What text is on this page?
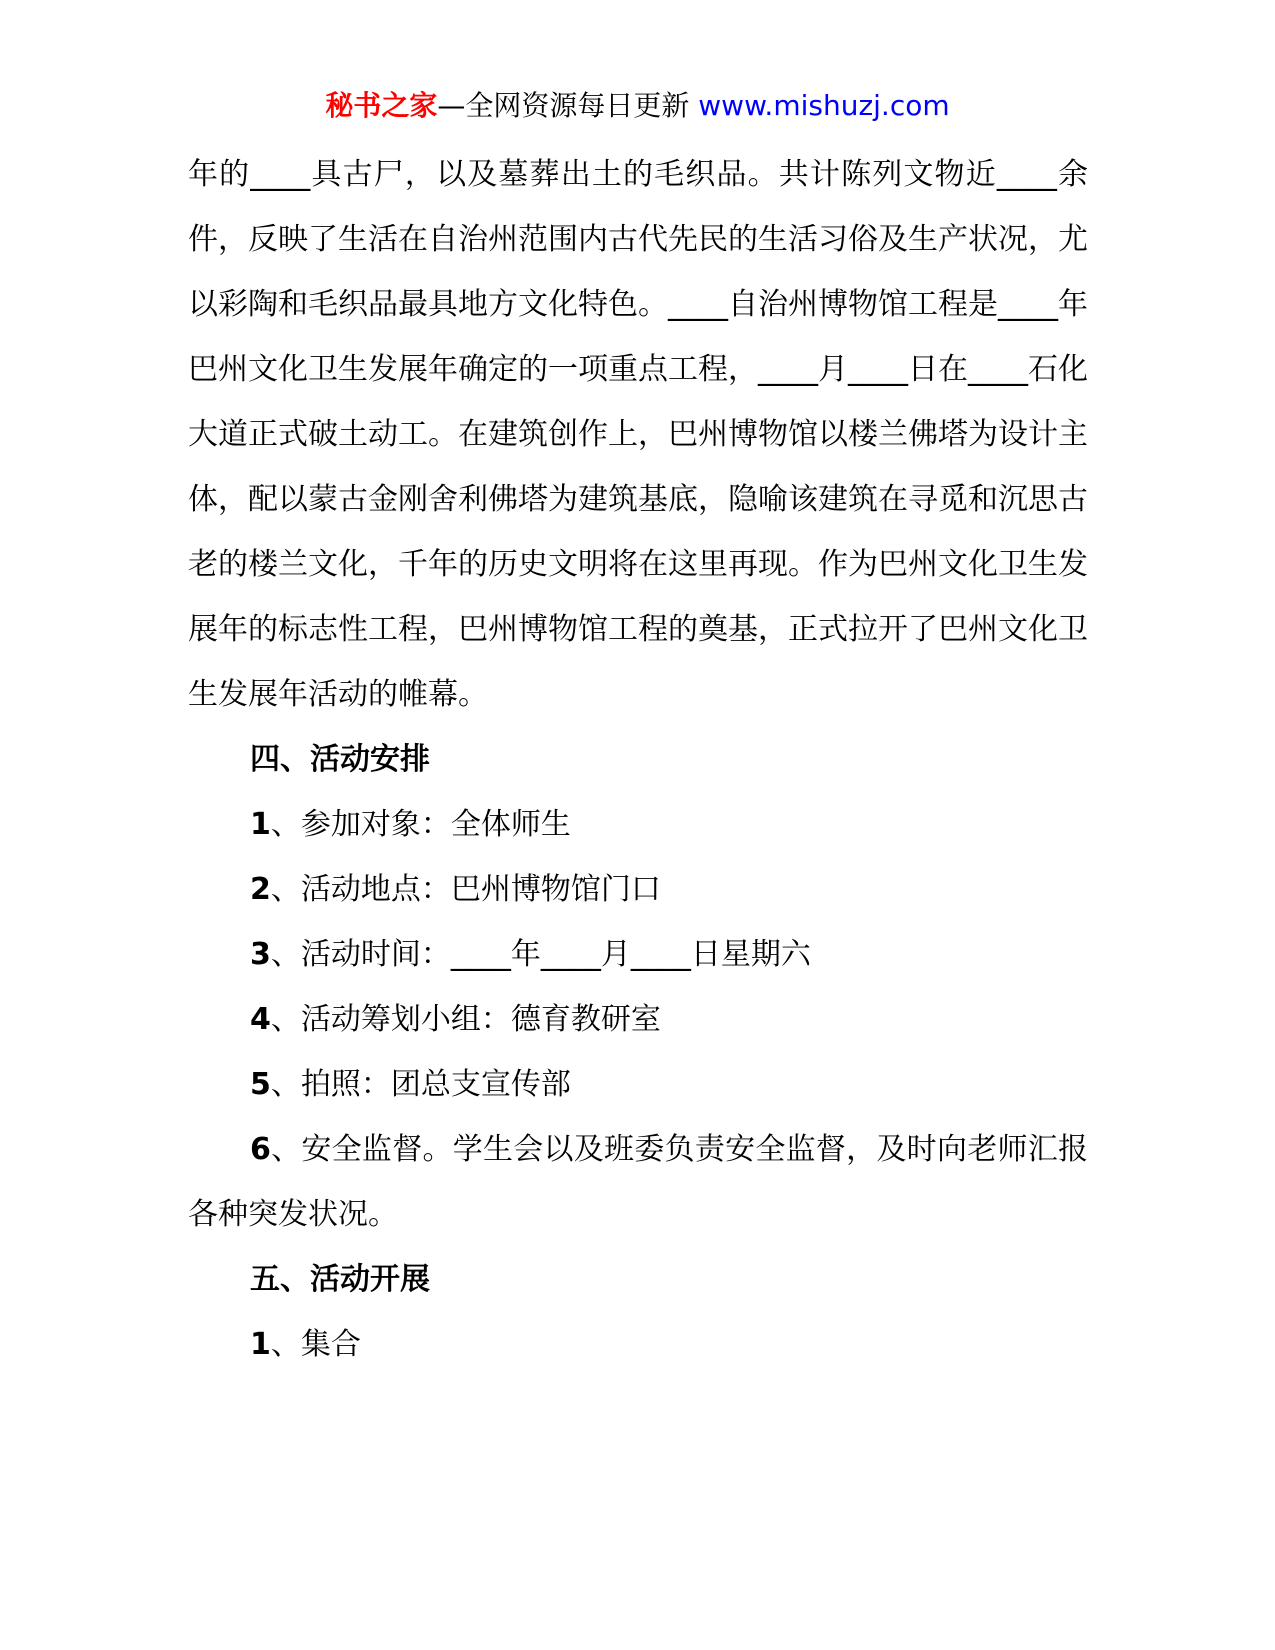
秘书之家—全网资源每日更新 www.mishuzj.com

年的____具古尸，以及墓葬出土的毛织品。共计陈列文物近____余件，反映了生活在自治州范围内古代先民的生活习俗及生产状况，尤以彩陶和毛织品最具地方文化特色。____自治州博物馆工程是____年巴州文化卫生发展年确定的一项重点工程，____月____日在____石化大道正式破土动工。在建筑创作上，巴州博物馆以楼兰佛塔为设计主体，配以蒙古金刚舍利佛塔为建筑基底，隐喻该建筑在寻觅和沉思古老的楼兰文化，千年的历史文明将在这里再现。作为巴州文化卫生发展年的标志性工程，巴州博物馆工程的奠基，正式拉开了巴州文化卫生发展年活动的帷幕。

四、活动安排

1、参加对象：全体师生

2、活动地点：巴州博物馆门口

3、活动时间：____年____月____日星期六

4、活动筹划小组：德育教研室

5、拍照：团总支宣传部

6、安全监督。学生会以及班委负责安全监督，及时向老师汇报各种突发状况。

五、活动开展

1、集合
